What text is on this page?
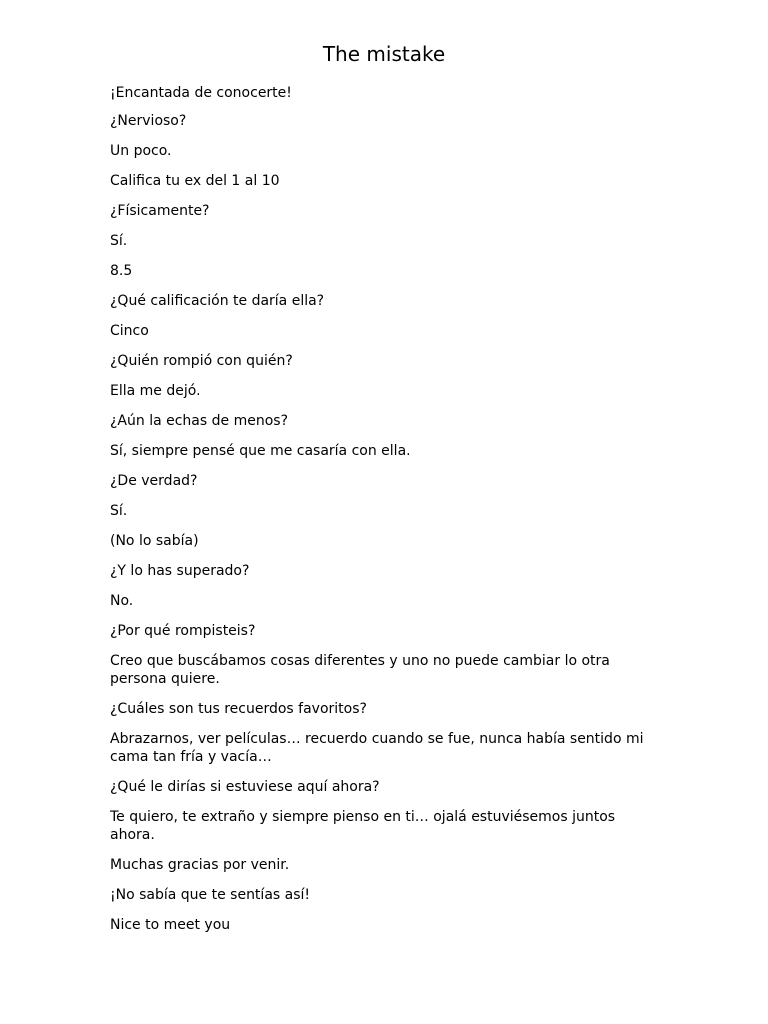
The mistake

¡Encantada de conocerte!

¿Nervioso?

Un poco.

Califica tu ex del 1 al 10

¿Físicamente?

Sí.

8.5

¿Qué calificación te daría ella?

Cinco

¿Quién rompió con quién?

Ella me dejó.

¿Aún la echas de menos?

Sí, siempre pensé que me casaría con ella.

¿De verdad?

Sí.

(No lo sabía)

¿Y lo has superado?

No.

¿Por qué rompisteis?

Creo que buscábamos cosas diferentes y uno no puede cambiar lo otra persona quiere.

¿Cuáles son tus recuerdos favoritos?

Abrazarnos, ver películas… recuerdo cuando se fue, nunca había sentido mi cama tan fría y vacía…

¿Qué le dirías si estuviese aquí ahora?

Te quiero, te extraño y siempre pienso en ti… ojalá estuviésemos juntos ahora.

Muchas gracias por venir.

¡No sabía que te sentías así!

Nice to meet you
